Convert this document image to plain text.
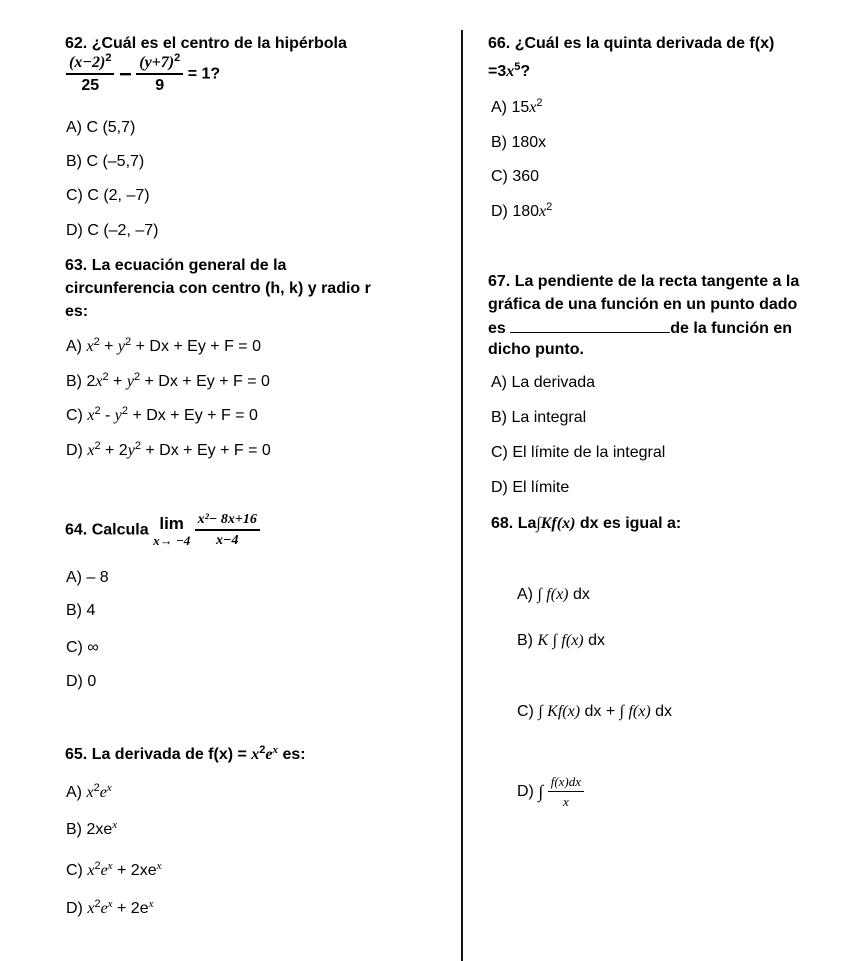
62. ¿Cuál es el centro de la hipérbola
$\frac{(x-2)^2}{25} - \frac{(y+7)^2}{9} = 1$?
A) C (5,7)
B) C (–5,7)
C) C (2, –7)
D) C (–2, –7)
63. La ecuación general de la
circunferencia con centro (h, k) y radio r
es:
A) $x^2 + y^2 + Dx + Ey + F = 0$
B) $2x^2 + y^2 + Dx + Ey + F = 0$
C) $x^2 - y^2 + Dx + Ey + F = 0$
D) $x^2 + 2y^2 + Dx + Ey + F = 0$
64. Calcula lim
x→ −4
$\frac{\text{x²− 8x+16}}{x-4}$
A) – 8
B) 4
C) ∞
D) 0
65. La derivada de $f(x) = x^2e^x$ es:
A) $x^2e^x$
B) $2xe^x$
C) $x^2e^x + 2xe^x$
D) $x^2e^x + 2e^x$
66. ¿Cuál es la quinta derivada de f(x)
$=3x^5$?
A) $15x^2$
B) 180x
C) 360
D) $180x^2$
67. La pendiente de la recta tangente a la
gráfica de una función en un punto dado
es	de la función en
dicho punto.
A) La derivada
B) La integral
C) El límite de la integral
D) El límite
68. La∫Kf(x) dx es igual a:
A) ∫ f(x) dx
B) K ∫ f(x) dx
C) ∫ Kf(x) dx + ∫ f(x) dx
D) ∫ $\frac{f(x)dx}{x}$
